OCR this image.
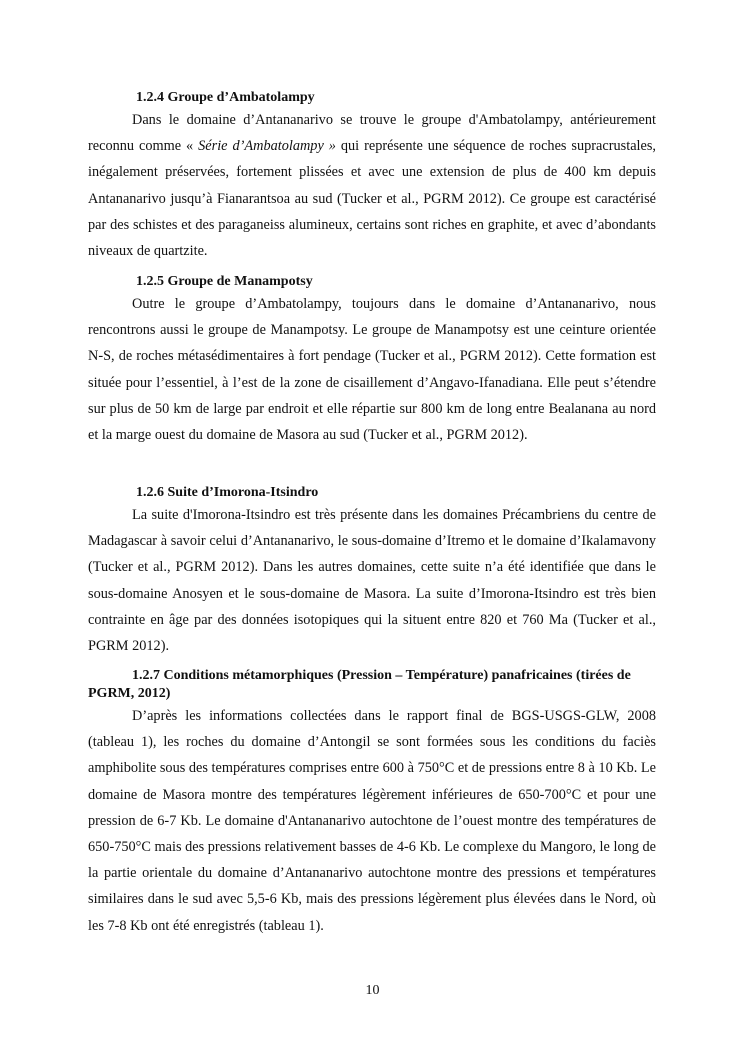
1.2.4 Groupe d’Ambatolampy

Dans le domaine d’Antananarivo se trouve le groupe d'Ambatolampy, antérieurement reconnu comme « Série d’Ambatolampy » qui représente une séquence de roches supracrustales, inégalement préservées, fortement plissées et avec une extension de plus de 400 km depuis Antananarivo jusqu’à Fianarantsoa au sud (Tucker et al., PGRM 2012). Ce groupe est caractérisé par des schistes et des paraganeiss alumineux, certains sont riches en graphite, et avec d’abondants niveaux de quartzite.

1.2.5 Groupe de Manampotsy

Outre le groupe d’Ambatolampy, toujours dans le domaine d’Antananarivo, nous rencontrons aussi le groupe de Manampotsy. Le groupe de Manampotsy est une ceinture orientée N-S, de roches métasédimentaires à fort pendage (Tucker et al., PGRM 2012). Cette formation est située pour l’essentiel, à l’est de la zone de cisaillement d’Angavo-Ifanadiana. Elle peut s’étendre sur plus de 50 km de large par endroit et elle répartie sur 800 km de long entre Bealanana au nord et la marge ouest du domaine de Masora au sud (Tucker et al., PGRM 2012).

1.2.6 Suite d’Imorona-Itsindro

La suite d'Imorona-Itsindro est très présente dans les domaines Précambriens du centre de Madagascar à savoir celui d’Antananarivo, le sous-domaine d’Itremo et le domaine d’Ikalamavony (Tucker et al., PGRM 2012). Dans les autres domaines, cette suite n’a été identifiée que dans le sous-domaine Anosyen et le sous-domaine de Masora. La suite d’Imorona-Itsindro est très bien contrainte en âge par des données isotopiques qui la situent entre 820 et 760 Ma (Tucker et al., PGRM 2012).

1.2.7 Conditions métamorphiques (Pression – Température) panafricaines (tirées de PGRM, 2012)

D’après les informations collectées dans le rapport final de BGS-USGS-GLW, 2008 (tableau 1), les roches du domaine d’Antongil se sont formées sous les conditions du faciès amphibolite sous des températures comprises entre 600 à 750°C et de pressions entre 8 à 10 Kb. Le domaine de Masora montre des températures légèrement inférieures de 650-700°C et pour une pression de 6-7 Kb. Le domaine d'Antananarivo autochtone de l’ouest montre des températures de 650-750°C mais des pressions relativement basses de 4-6 Kb. Le complexe du Mangoro, le long de la partie orientale du domaine d’Antananarivo autochtone montre des pressions et températures similaires dans le sud avec 5,5-6 Kb, mais des pressions légèrement plus élevées dans le Nord, où les 7-8 Kb ont été enregistrés (tableau 1).

10
